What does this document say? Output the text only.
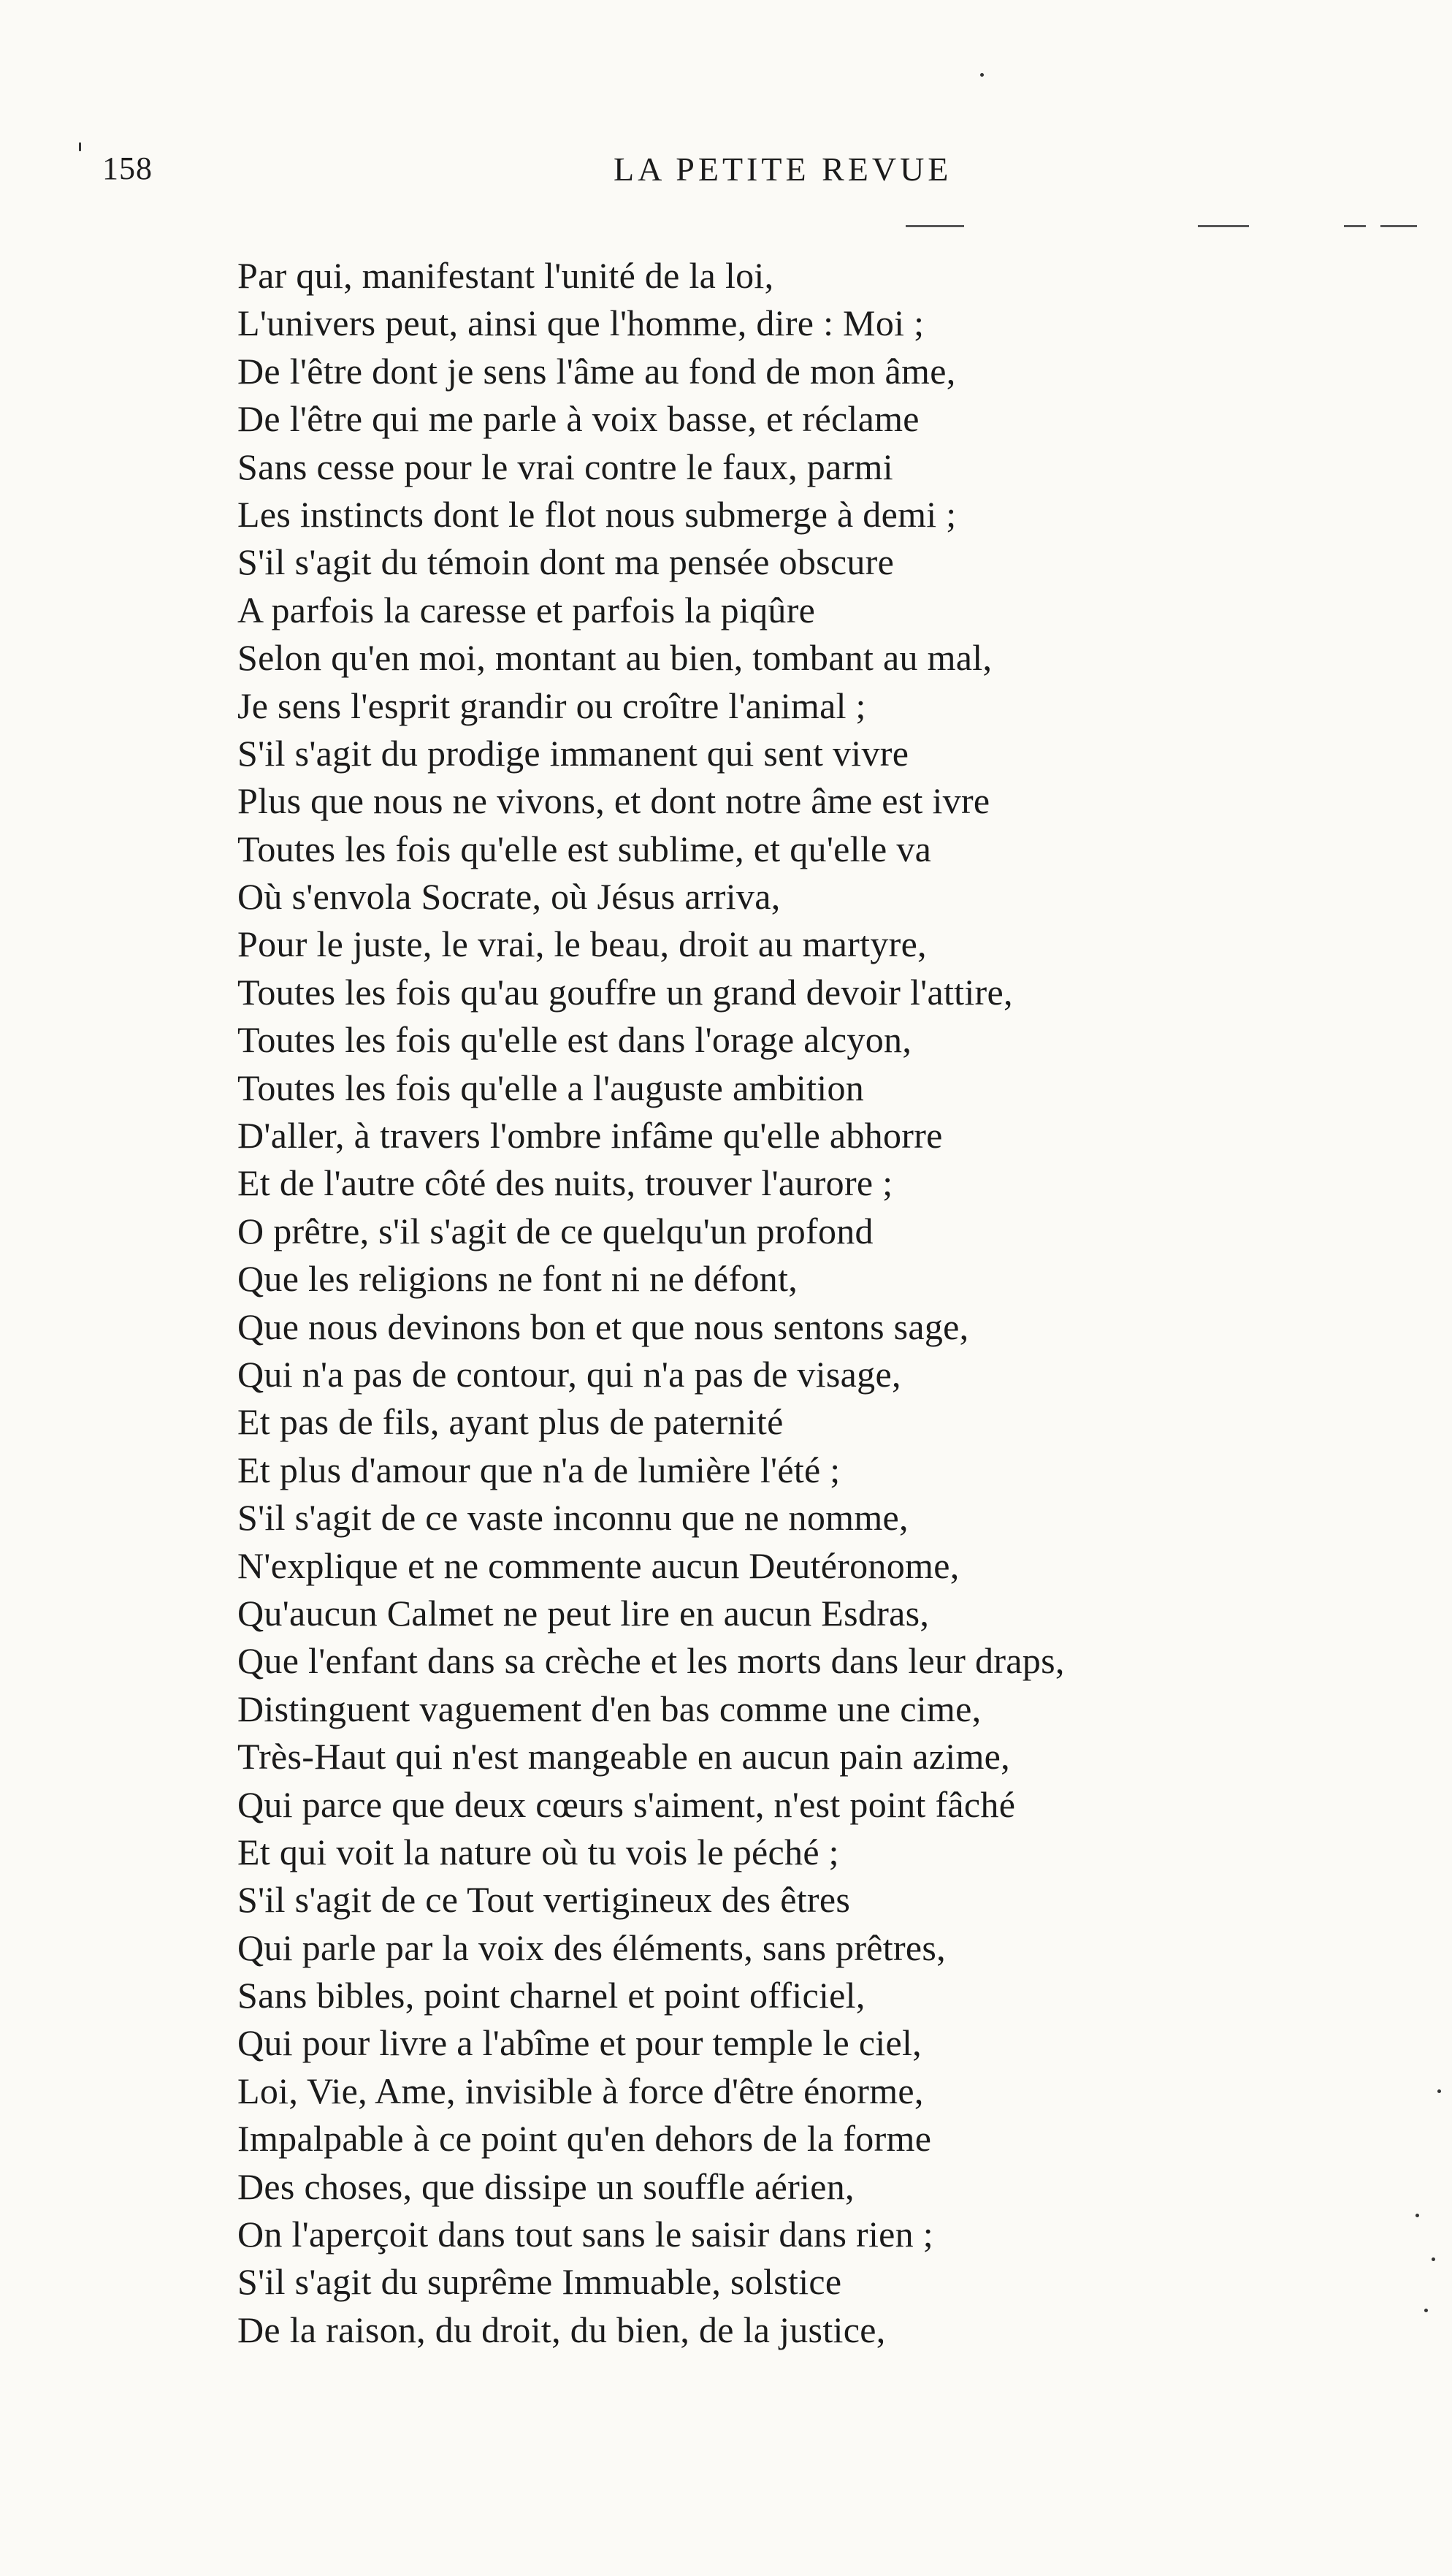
158	LA PETITE REVUE
Par qui, manifestant l'unité de la loi,
L'univers peut, ainsi que l'homme, dire : Moi ;
De l'être dont je sens l'âme au fond de mon âme,
De l'être qui me parle à voix basse, et réclame
Sans cesse pour le vrai contre le faux, parmi
Les instincts dont le flot nous submerge à demi ;
S'il s'agit du témoin dont ma pensée obscure
A parfois la caresse et parfois la piqûre
Selon qu'en moi, montant au bien, tombant au mal,
Je sens l'esprit grandir ou croître l'animal ;
S'il s'agit du prodige immanent qui sent vivre
Plus que nous ne vivons, et dont notre âme est ivre
Toutes les fois qu'elle est sublime, et qu'elle va
Où s'envola Socrate, où Jésus arriva,
Pour le juste, le vrai, le beau, droit au martyre,
Toutes les fois qu'au gouffre un grand devoir l'attire,
Toutes les fois qu'elle est dans l'orage alcyon,
Toutes les fois qu'elle a l'auguste ambition
D'aller, à travers l'ombre infâme qu'elle abhorre
Et de l'autre côté des nuits, trouver l'aurore ;
O prêtre, s'il s'agit de ce quelqu'un profond
Que les religions ne font ni ne défont,
Que nous devinons bon et que nous sentons sage,
Qui n'a pas de contour, qui n'a pas de visage,
Et pas de fils, ayant plus de paternité
Et plus d'amour que n'a de lumière l'été ;
S'il s'agit de ce vaste inconnu que ne nomme,
N'explique et ne commente aucun Deutéronome,
Qu'aucun Calmet ne peut lire en aucun Esdras,
Que l'enfant dans sa crèche et les morts dans leur draps,
Distinguent vaguement d'en bas comme une cime,
Très-Haut qui n'est mangeable en aucun pain azime,
Qui parce que deux cœurs s'aiment, n'est point fâché
Et qui voit la nature où tu vois le péché ;
S'il s'agit de ce Tout vertigineux des êtres
Qui parle par la voix des éléments, sans prêtres,
Sans bibles, point charnel et point officiel,
Qui pour livre a l'abîme et pour temple le ciel,
Loi, Vie, Ame, invisible à force d'être énorme,
Impalpable à ce point qu'en dehors de la forme
Des choses, que dissipe un souffle aérien,
On l'aperçoit dans tout sans le saisir dans rien ;
S'il s'agit du suprême Immuable, solstice
De la raison, du droit, du bien, de la justice,
